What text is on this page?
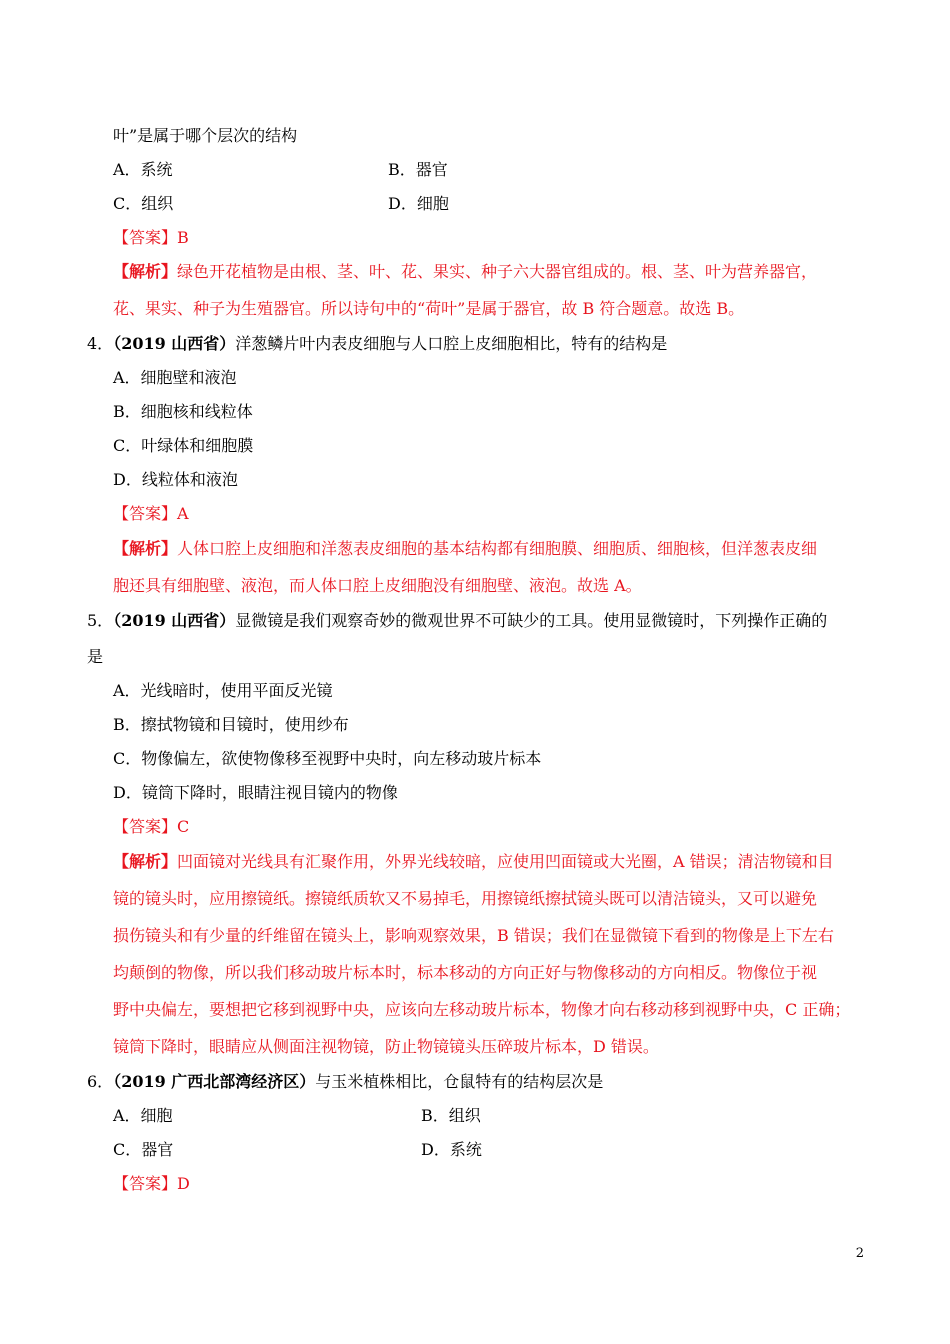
叶”是属于哪个层次的结构
A．系统	B．器官
C．组织	D．细胞
【答案】B
【解析】绿色开花植物是由根、茎、叶、花、果实、种子六大器官组成的。根、茎、叶为营养器官，
花、果实、种子为生殖器官。所以诗句中的“荷叶”是属于器官，故 B 符合题意。故选 B。
4．（2019 山西省）洋葱鳞片叶内表皮细胞与人口腔上皮细胞相比，特有的结构是
A．细胞壁和液泡
B．细胞核和线粒体
C．叶绿体和细胞膜
D．线粒体和液泡
【答案】A
【解析】人体口腔上皮细胞和洋葱表皮细胞的基本结构都有细胞膜、细胞质、细胞核，但洋葱表皮细
胞还具有细胞壁、液泡，而人体口腔上皮细胞没有细胞壁、液泡。故选 A。
5．（2019 山西省）显微镜是我们观察奇妙的微观世界不可缺少的工具。使用显微镜时，下列操作正确的
是
A．光线暗时，使用平面反光镜
B．擦拭物镜和目镜时，使用纱布
C．物像偏左，欲使物像移至视野中央时，向左移动玻片标本
D．镜筒下降时，眼睛注视目镜内的物像
【答案】C
【解析】凹面镜对光线具有汇聚作用，外界光线较暗，应使用凹面镜或大光圈，A 错误；清洁物镜和目
镜的镜头时，应用擦镜纸。擦镜纸质软又不易掉毛，用擦镜纸擦拭镜头既可以清洁镜头，又可以避免
损伤镜头和有少量的纤维留在镜头上，影响观察效果，B 错误；我们在显微镜下看到的物像是上下左右
均颠倒的物像，所以我们移动玻片标本时，标本移动的方向正好与物像移动的方向相反。物像位于视
野中央偏左，要想把它移到视野中央，应该向左移动玻片标本，物像才向右移动移到视野中央，C 正确；
镜筒下降时，眼睛应从侧面注视物镜，防止物镜镜头压碎玻片标本，D 错误。
6．（2019 广西北部湾经济区）与玉米植株相比，仓鼠特有的结构层次是
A．细胞	B．组织
C．器官	D．系统
【答案】D
2
